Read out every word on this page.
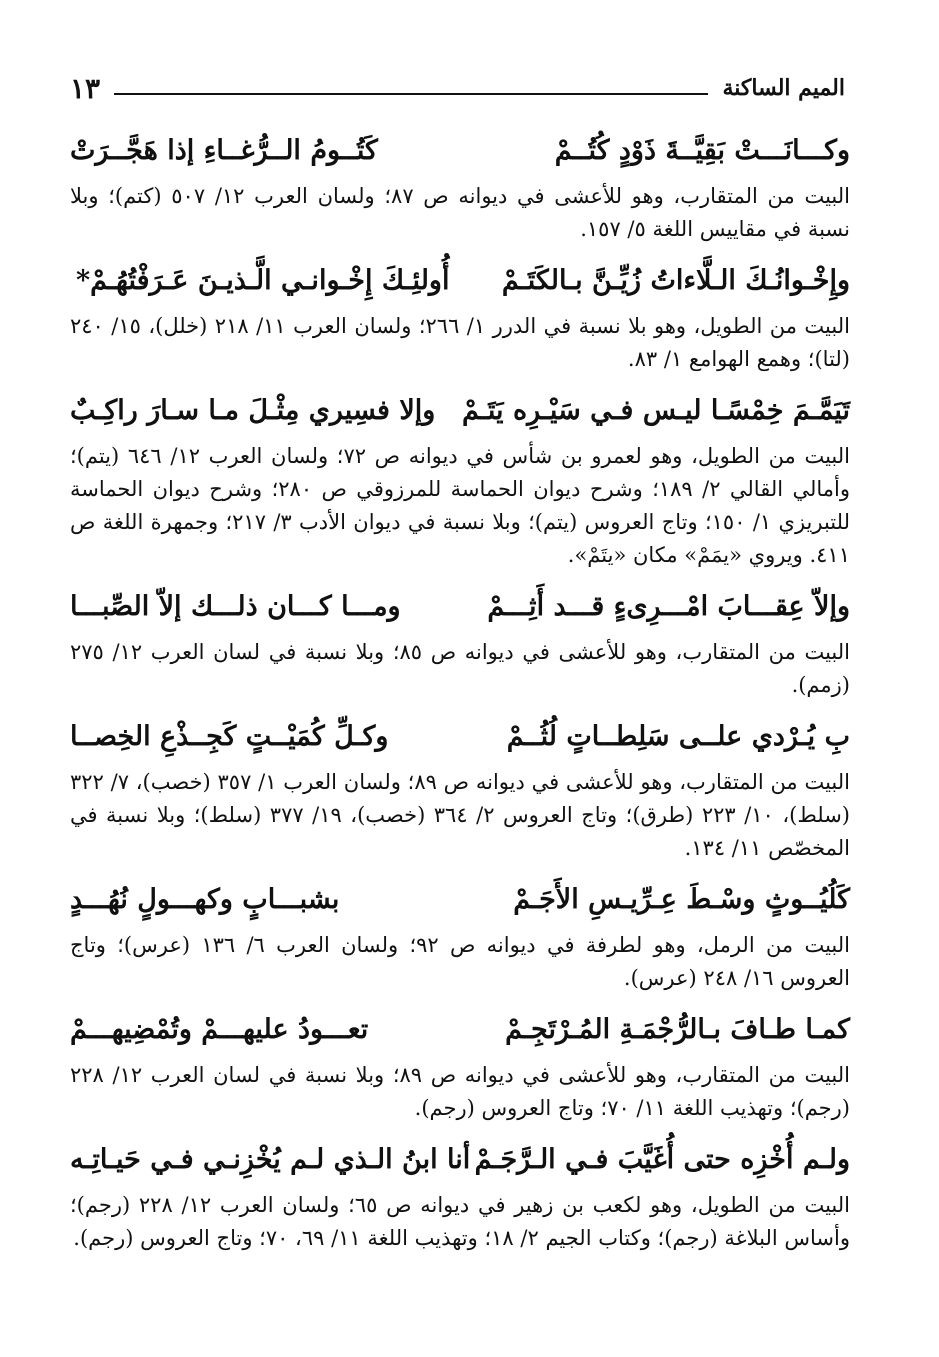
الميم الساكنة
١٣
كَتُــومُ الــرُّغــاءِ إذا هَجَّــرَتْ	وكـــانَـــتْ بَقِيَّــةَ ذَوْدٍ كُتُــمْ
البيت من المتقارب، وهو للأعشى في ديوانه ص ٨٧؛ ولسان العرب ١٢/ ٥٠٧ (كتم)؛ وبلا نسبة في مقاييس اللغة ٥/ ١٥٧.
* أُولئِـكَ إِخْـوانـي الَّـذيـنَ عَـرَفْتُهُـمْ وإِخْـوانُـكَ الـلَّاءاتُ زُيِّـنَّ بـالكَتَـمْ
البيت من الطويل، وهو بلا نسبة في الدرر ١/ ٢٦٦؛ ولسان العرب ١١/ ٢١٨ (خلل)، ١٥/ ٢٤٠ (لتا)؛ وهمع الهوامع ١/ ٨٣.
وإلا فسِيري مِثْـلَ مـا سـارَ راكِـبٌ تَيَمَّـمَ خِمْسًـا ليـس فـي سَيْـرِه يَتَـمْ
البيت من الطويل، وهو لعمرو بن شأس في ديوانه ص ٧٢؛ ولسان العرب ١٢/ ٦٤٦ (يتم)؛ وأمالي القالي ٢/ ١٨٩؛ وشرح ديوان الحماسة للمرزوقي ص ٢٨٠؛ وشرح ديوان الحماسة للتبريزي ١/ ١٥٠؛ وتاج العروس (يتم)؛ وبلا نسبة في ديوان الأدب ٣/ ٢١٧؛ وجمهرة اللغة ص ٤١١. ويروي «يمَمْ» مكان «يتَمْ».
ومـــا كـــان ذلـــك إلاّ الصِّبـــا	وإلاّ عِقـــابَ امْـــرِىءٍ قـــد أَثِـــمْ
البيت من المتقارب، وهو للأعشى في ديوانه ص ٨٥؛ وبلا نسبة في لسان العرب ١٢/ ٢٧٥ (زمم).
وكـلِّ كُمَيْــتٍ كَجِــذْعِ الخِصــا	بِ يُـرْدي علــى سَلِطــاتٍ لُثُــمْ
البيت من المتقارب، وهو للأعشى في ديوانه ص ٨٩؛ ولسان العرب ١/ ٣٥٧ (خصب)، ٧/ ٣٢٢ (سلط)، ١٠/ ٢٢٣ (طرق)؛ وتاج العروس ٢/ ٣٦٤ (خصب)، ١٩/ ٣٧٧ (سلط)؛ وبلا نسبة في المخصّص ١١/ ١٣٤.
بشبـــابٍ وكهـــولٍ نُهُـــدٍ	كَلُيُــوثٍ وسْـطَ عِـرِّيـسِ الأَجَـمْ
البيت من الرمل، وهو لطرفة في ديوانه ص ٩٢؛ ولسان العرب ٦/ ١٣٦ (عرس)؛ وتاج العروس ١٦/ ٢٤٨ (عرس).
تعـــودُ عليهـــمْ وتُمْضِيهـــمْ	كمـا طـافَ بـالرُّجْمَـةِ المُـرْتَجِـمْ
البيت من المتقارب، وهو للأعشى في ديوانه ص ٨٩؛ وبلا نسبة في لسان العرب ١٢/ ٢٢٨ (رجم)؛ وتهذيب اللغة ١١/ ٧٠؛ وتاج العروس (رجم).
أنا ابنُ الـذي لـم يُخْزِنـي فـي حَيـاتِـه ولـم أُخْزِه حتى أُغَيَّبَ فـي الـرَّجَـمْ
البيت من الطويل، وهو لكعب بن زهير في ديوانه ص ٦٥؛ ولسان العرب ١٢/ ٢٢٨ (رجم)؛ وأساس البلاغة (رجم)؛ وكتاب الجيم ٢/ ١٨؛ وتهذيب اللغة ١١/ ٦٩، ٧٠؛ وتاج العروس (رجم).
